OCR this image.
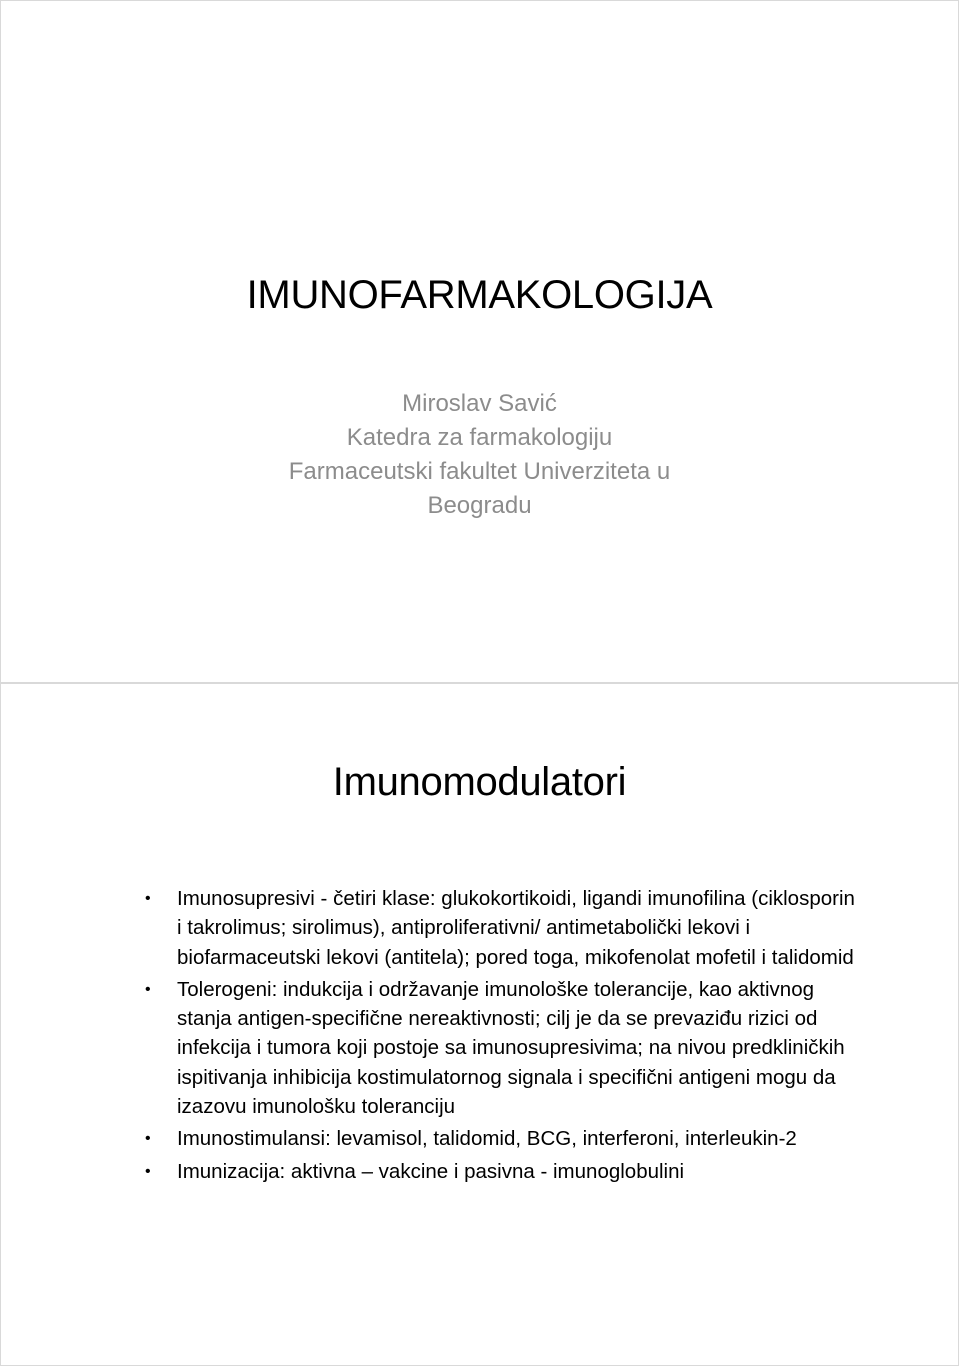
IMUNOFARMAKOLOGIJA
Miroslav Savić
Katedra za farmakologiju
Farmaceutski fakultet Univerziteta u
Beogradu
Imunomodulatori
• Imunosupresivi - četiri klase: glukokortikoidi, ligandi imunofilina (ciklosporin i takrolimus; sirolimus), antiproliferativni/ antimetabolički lekovi i biofarmaceutski lekovi (antitela); pored toga, mikofenolat mofetil i talidomid
• Tolerogeni: indukcija i održavanje imunološke tolerancije, kao aktivnog stanja antigen-specifične nereaktivnosti; cilj je da se prevaziđu rizici od infekcija i tumora koji postoje sa imunosupresivima; na nivou predkliničkih ispitivanja inhibicija kostimulatornog signala i specifični antigeni mogu da izazovu imunološku toleranciju
• Imunostimulansi: levamisol, talidomid, BCG, interferoni, interleukin-2
• Imunizacija: aktivna – vakcine i pasivna - imunoglobulini
